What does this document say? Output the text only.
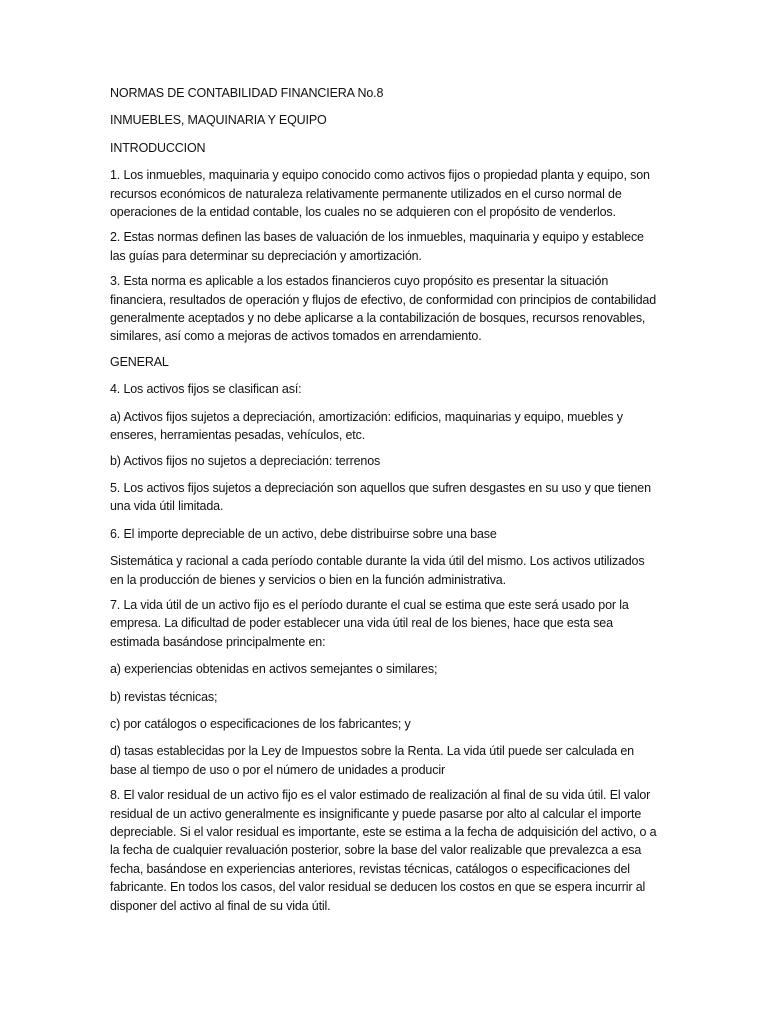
NORMAS DE CONTABILIDAD FINANCIERA No.8

INMUEBLES, MAQUINARIA Y EQUIPO

INTRODUCCION

1. Los inmuebles, maquinaria y equipo conocido como activos fijos o propiedad planta y equipo, son recursos económicos de naturaleza relativamente permanente utilizados en el curso normal de operaciones de la entidad contable, los cuales no se adquieren con el propósito de venderlos.

2. Estas normas definen las bases de valuación de los inmuebles, maquinaria y equipo y establece las guías para determinar su depreciación y amortización.

3. Esta norma es aplicable a los estados financieros cuyo propósito es presentar la situación financiera, resultados de operación y flujos de efectivo, de conformidad con principios de contabilidad generalmente aceptados y no debe aplicarse a la contabilización de bosques, recursos renovables, similares, así como a mejoras de activos tomados en arrendamiento.

GENERAL

4. Los activos fijos se clasifican así:

a) Activos fijos sujetos a depreciación, amortización: edificios, maquinarias y equipo, muebles y enseres, herramientas pesadas, vehículos, etc.

b) Activos fijos no sujetos a depreciación: terrenos

5. Los activos fijos sujetos a depreciación son aquellos que sufren desgastes en su uso y que tienen una vida útil limitada.

6. El importe depreciable de un activo, debe distribuirse sobre una base

Sistemática y racional a cada período contable durante la vida útil del mismo. Los activos utilizados en la producción de bienes y servicios o bien en la función administrativa.

7. La vida útil de un activo fijo es el período durante el cual se estima que este será usado por la empresa. La dificultad de poder establecer una vida útil real de los bienes, hace que esta sea estimada basándose principalmente en:

a) experiencias obtenidas en activos semejantes o similares;

b) revistas técnicas;

c) por catálogos o especificaciones de los fabricantes; y

d) tasas establecidas por la Ley de Impuestos sobre la Renta. La vida útil puede ser calculada en base al tiempo de uso o por el número de unidades a producir

8. El valor residual de un activo fijo es el valor estimado de realización al final de su vida útil. El valor residual de un activo generalmente es insignificante y puede pasarse por alto al calcular el importe depreciable. Si el valor residual es importante, este se estima a la fecha de adquisición del activo, o a la fecha de cualquier revaluación posterior, sobre la base del valor realizable que prevalezca a esa fecha, basándose en experiencias anteriores, revistas técnicas, catálogos o especificaciones del fabricante. En todos los casos, del valor residual se deducen los costos en que se espera incurrir al disponer del activo al final de su vida útil.
